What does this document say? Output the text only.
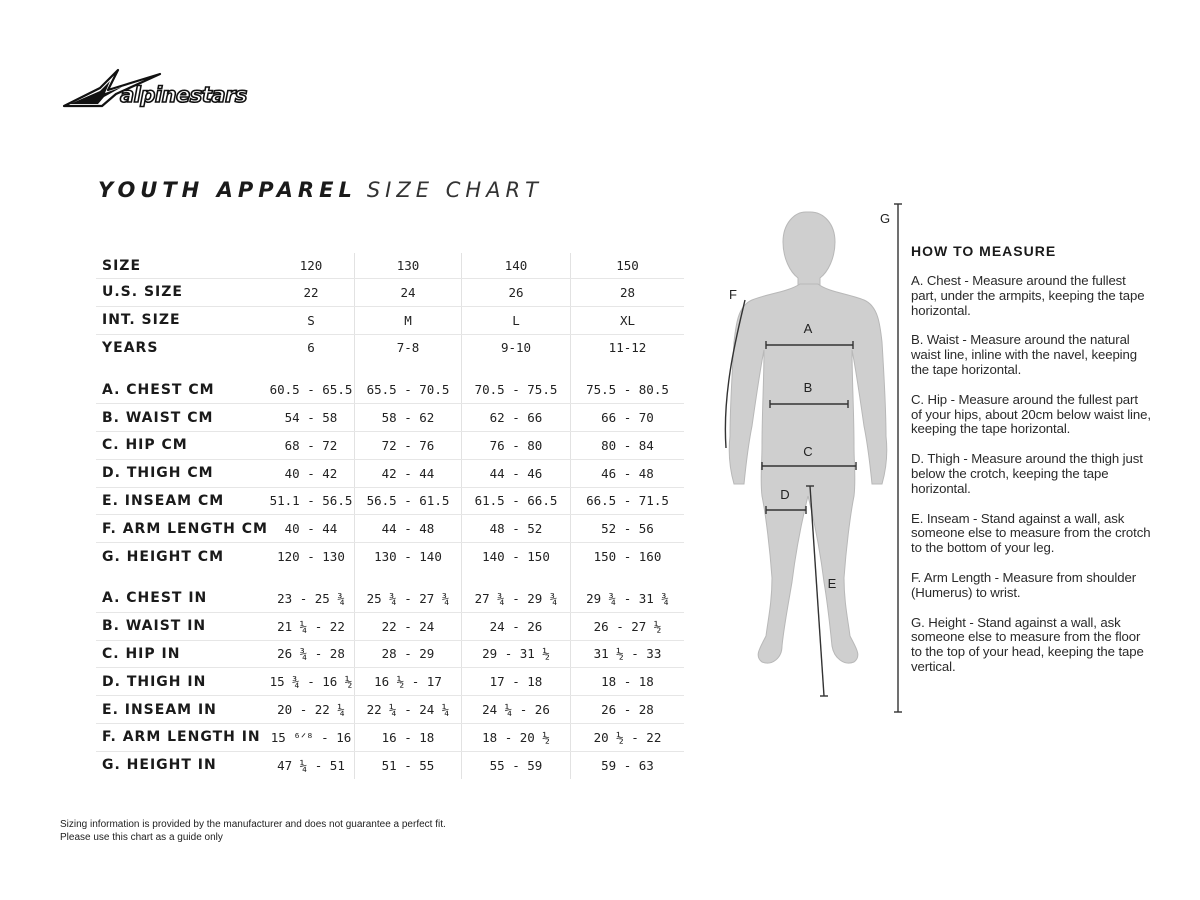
alpinestars
YOUTH APPAREL SIZE CHART
SIZE	120	130	140	150
U.S. SIZE	22	24	26	28
INT. SIZE	S	M	L	XL
YEARS	6	7-8	9-10	11-12

A. CHEST CM	60.5 - 65.5	65.5 - 70.5	70.5 - 75.5	75.5 - 80.5
B. WAIST CM	54 - 58	58 - 62	62 - 66	66 - 70
C. HIP CM	68 - 72	72 - 76	76 - 80	80 - 84
D. THIGH CM	40 - 42	42 - 44	44 - 46	46 - 48
E. INSEAM CM	51.1 - 56.5	56.5 - 61.5	61.5 - 66.5	66.5 - 71.5
F. ARM LENGTH CM	40 - 44	44 - 48	48 - 52	52 - 56
G. HEIGHT CM	120 - 130	130 - 140	140 - 150	150 - 160

A. CHEST IN	23 - 25 ¾	25 ¾ - 27 ¾	27 ¾ - 29 ¾	29 ¾ - 31 ¾
B. WAIST IN	21 ¼ - 22	22 - 24	24 - 26	26 - 27 ½
C. HIP IN	26 ¾ - 28	28 - 29	29 - 31 ½	31 ½ - 33
D. THIGH IN	15 ¾ - 16 ½	16 ½ - 17	17 - 18	18 - 18
E. INSEAM IN	20 - 22 ¼	22 ¼ - 24 ¼	24 ¼ - 26	26 - 28
F. ARM LENGTH IN	15 ⁶ᐟ⁸ - 16	16 - 18	18 - 20 ½	20 ½ - 22
G. HEIGHT IN	47 ¼ - 51	51 - 55	55 - 59	59 - 63
A
B
C
D
E
F
G
HOW TO MEASURE
A. Chest - Measure around the fullest part, under the armpits, keeping the tape horizontal.
B. Waist - Measure around the natural waist line, inline with the navel, keeping the tape horizontal.
C. Hip - Measure around the fullest part of your hips, about 20cm below waist line, keeping the tape horizontal.
D. Thigh - Measure around the thigh just below the crotch, keeping the tape horizontal.
E. Inseam - Stand against a wall, ask someone else to measure from the crotch to the bottom of your leg.
F. Arm Length - Measure from shoulder (Humerus) to wrist.
G. Height - Stand against a wall, ask someone else to measure from the floor to the top of your head, keeping the tape vertical.
Sizing information is provided by the manufacturer and does not guarantee a perfect fit.
Please use this chart as a guide only
